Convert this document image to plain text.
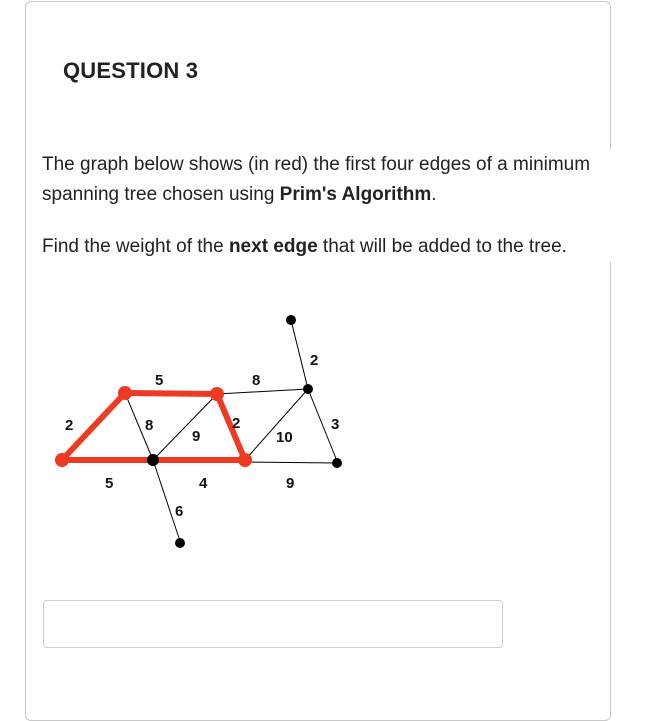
QUESTION 3

The graph below shows (in red) the first four edges of a minimum spanning tree chosen using Prim's Algorithm.

Find the weight of the next edge that will be added to the tree.

2
5
5
8
9
8
2
10
4
6
9
3
2
